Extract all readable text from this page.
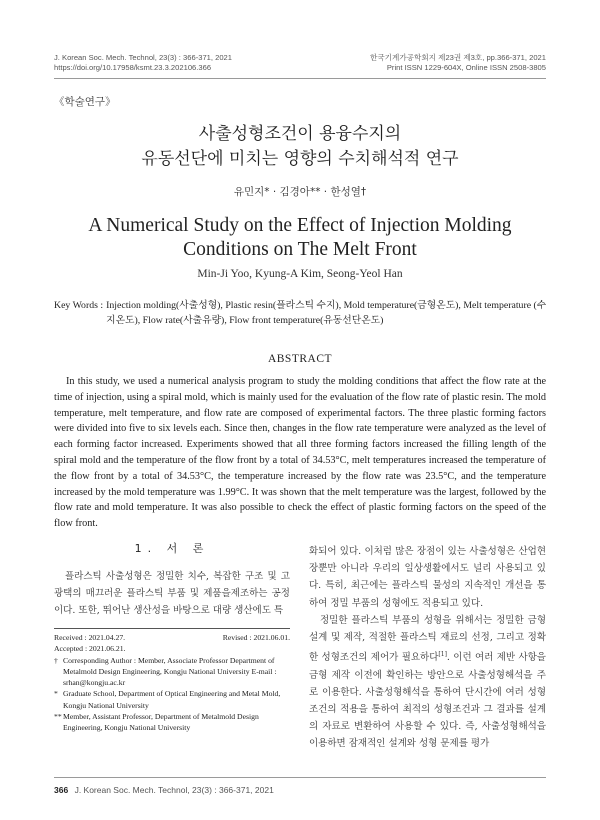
J. Korean Soc. Mech. Technol, 23(3) : 366-371, 2021
https://doi.org/10.17958/ksmt.23.3.202106.366
한국기계가공학회지 제23권 제3호, pp.366-371, 2021
Print ISSN 1229-604X, Online ISSN 2508-3805
《학술연구》
사출성형조건이 용융수지의
유동선단에 미치는 영향의 수치해석적 연구
유민지* · 김경아** · 한성열†
A Numerical Study on the Effect of Injection Molding
Conditions on The Melt Front
Min-Ji Yoo, Kyung-A Kim, Seong-Yeol Han
Key Words : Injection molding(사출성형), Plastic resin(플라스틱 수지), Mold temperature(금형온도), Melt temperature (수지온도), Flow rate(사출유량), Flow front temperature(유동선단온도)
ABSTRACT

In this study, we used a numerical analysis program to study the molding conditions that affect the flow rate at the time of injection, using a spiral mold, which is mainly used for the evaluation of the flow rate of plastic resin. The mold temperature, melt temperature, and flow rate are composed of experimental factors. The three plastic forming factors were divided into five to six levels each. Since then, changes in the flow rate temperature were analyzed as the level of each forming factor increased. Experiments showed that all three forming factors increased the filling length of the spiral mold and the temperature of the flow front by a total of 34.53°C, melt temperatures increased the temperature of the flow front by a total of 34.53°C, the temperature increased by the flow rate was 23.5°C, and the temperature increased by the mold temperature was 1.99°C. It was shown that the melt temperature was the largest, followed by the flow rate and mold temperature. It was also possible to check the effect of plastic forming factors on the speed of the flow front.

1. 서 론

플라스틱 사출성형은 정밀한 치수, 복잡한 구조 및 고광택의 매끄러운 플라스틱 부품 및 제품을제조하는 공정이다. 또한, 뛰어난 생산성을 바탕으로 대량 생산에도 특

Received : 2021.04.27.	Revised : 2021.06.01.
Accepted : 2021.06.21.
† Corresponding Author : Member, Associate Professor Department of Metalmold Design Engineering, Kongju National University E-mail : srhan@kongju.ac.kr
* Graduate School, Department of Optical Engineering and Metal Mold, Kongju National University
** Member, Assistant Professor, Department of Metalmold Design Engineering, Kongju National University

화되어 있다. 이처럼 많은 장점이 있는 사출성형은 산업현장뿐만 아니라 우리의 일상생활에서도 널리 사용되고 있다. 특히, 최근에는 플라스틱 물성의 지속적인 개선을 통하여 정밀 부품의 성형에도 적용되고 있다.

정밀한 플라스틱 부품의 성형을 위해서는 정밀한 금형 설계 및 제작, 적절한 플라스틱 재료의 선정, 그리고 정확한 성형조건의 제어가 필요하다[1]. 이런 여러 제반 사항을 금형 제작 이전에 확인하는 방안으로 사출성형해석을 주로 이용한다. 사출성형해석을 통하여 단시간에 여러 성형조건의 적용을 통하여 최적의 성형조건과 그 결과를 설계의 자료로 변환하여 사용할 수 있다. 즉, 사출성형해석을 이용하면 잠재적인 설계와 성형 문제를 평가

366 J. Korean Soc. Mech. Technol, 23(3) : 366-371, 2021
